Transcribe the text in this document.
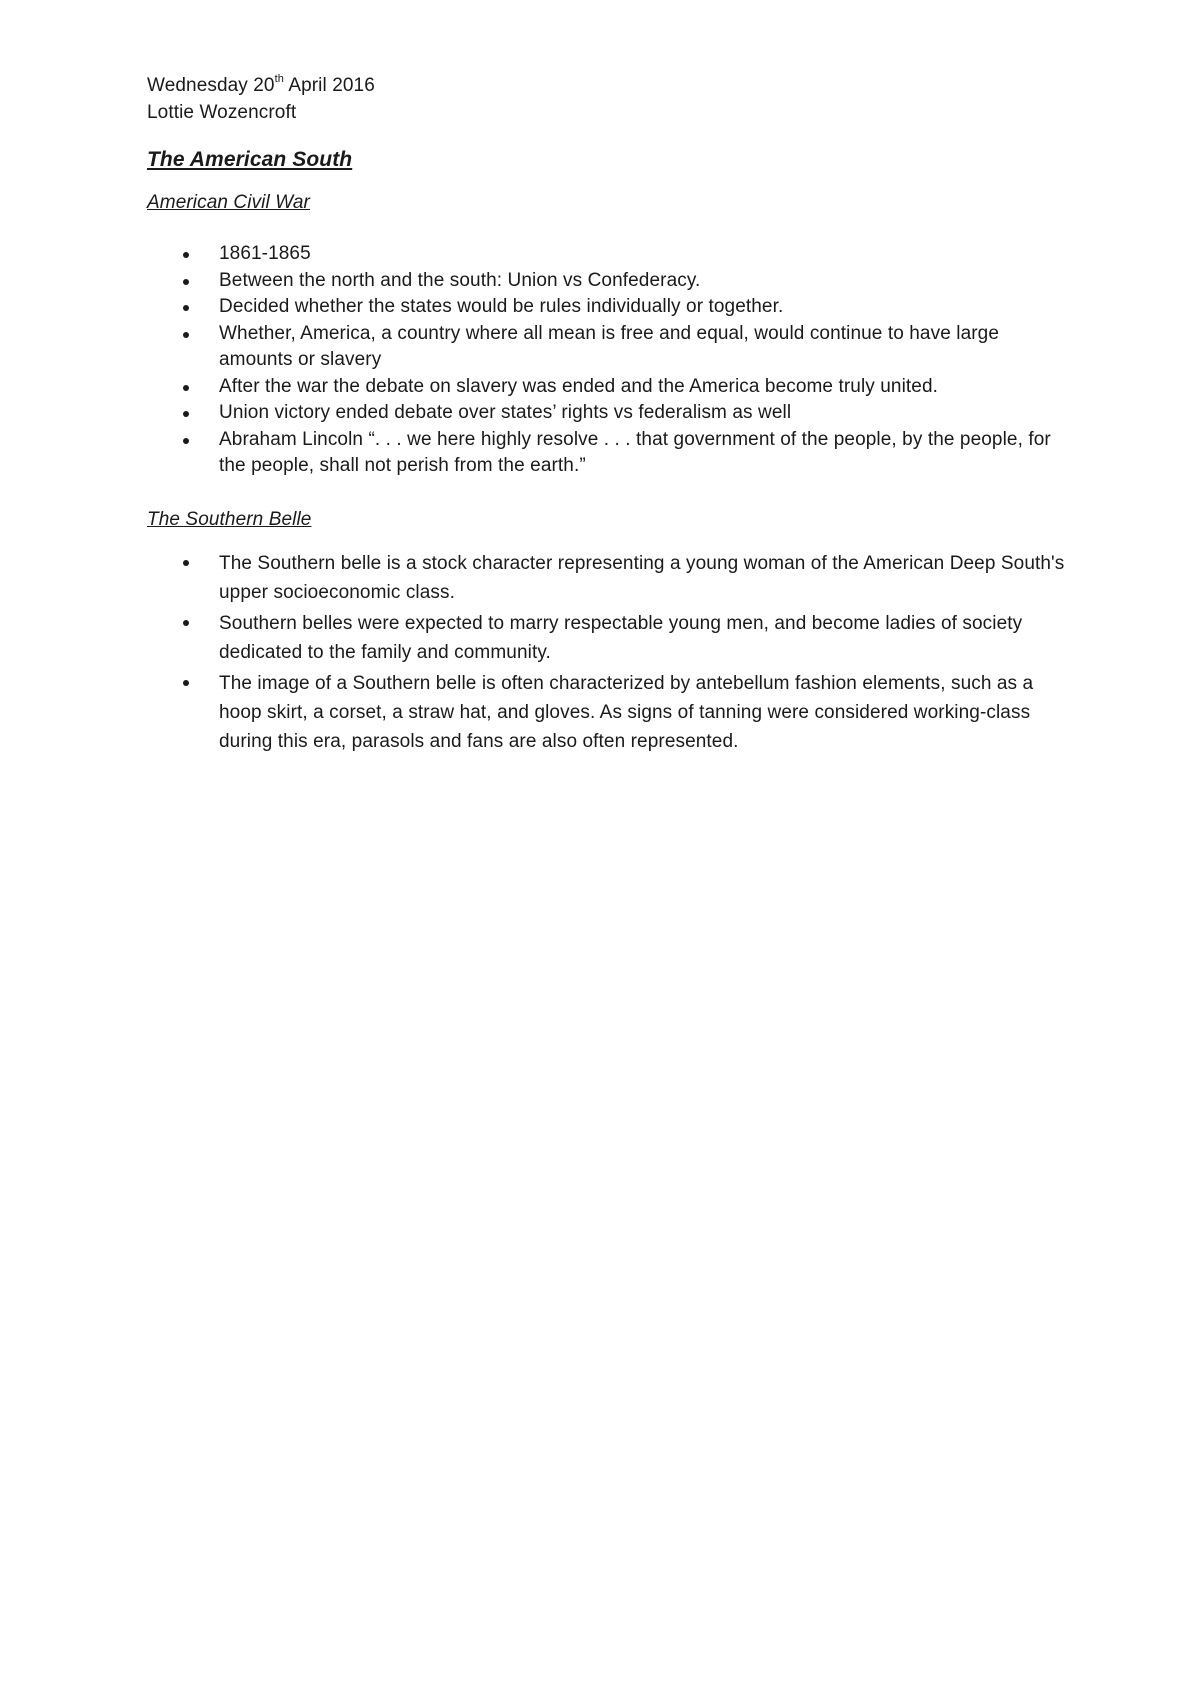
Wednesday 20th April 2016

Lottie Wozencroft

The American South
American Civil War
1861-1865
Between the north and the south: Union vs Confederacy.
Decided whether the states would be rules individually or together.
Whether, America, a country where all mean is free and equal, would continue to have large amounts or slavery
After the war the debate on slavery was ended and the America become truly united.
Union victory ended debate over states’ rights vs federalism as well
Abraham Lincoln “. . . we here highly resolve . . . that government of the people, by the people, for the people, shall not perish from the earth.”
The Southern Belle
The Southern belle is a stock character representing a young woman of the American Deep South's upper socioeconomic class.
Southern belles were expected to marry respectable young men, and become ladies of society dedicated to the family and community.
The image of a Southern belle is often characterized by antebellum fashion elements, such as a hoop skirt, a corset, a straw hat, and gloves. As signs of tanning were considered working-class during this era, parasols and fans are also often represented.
